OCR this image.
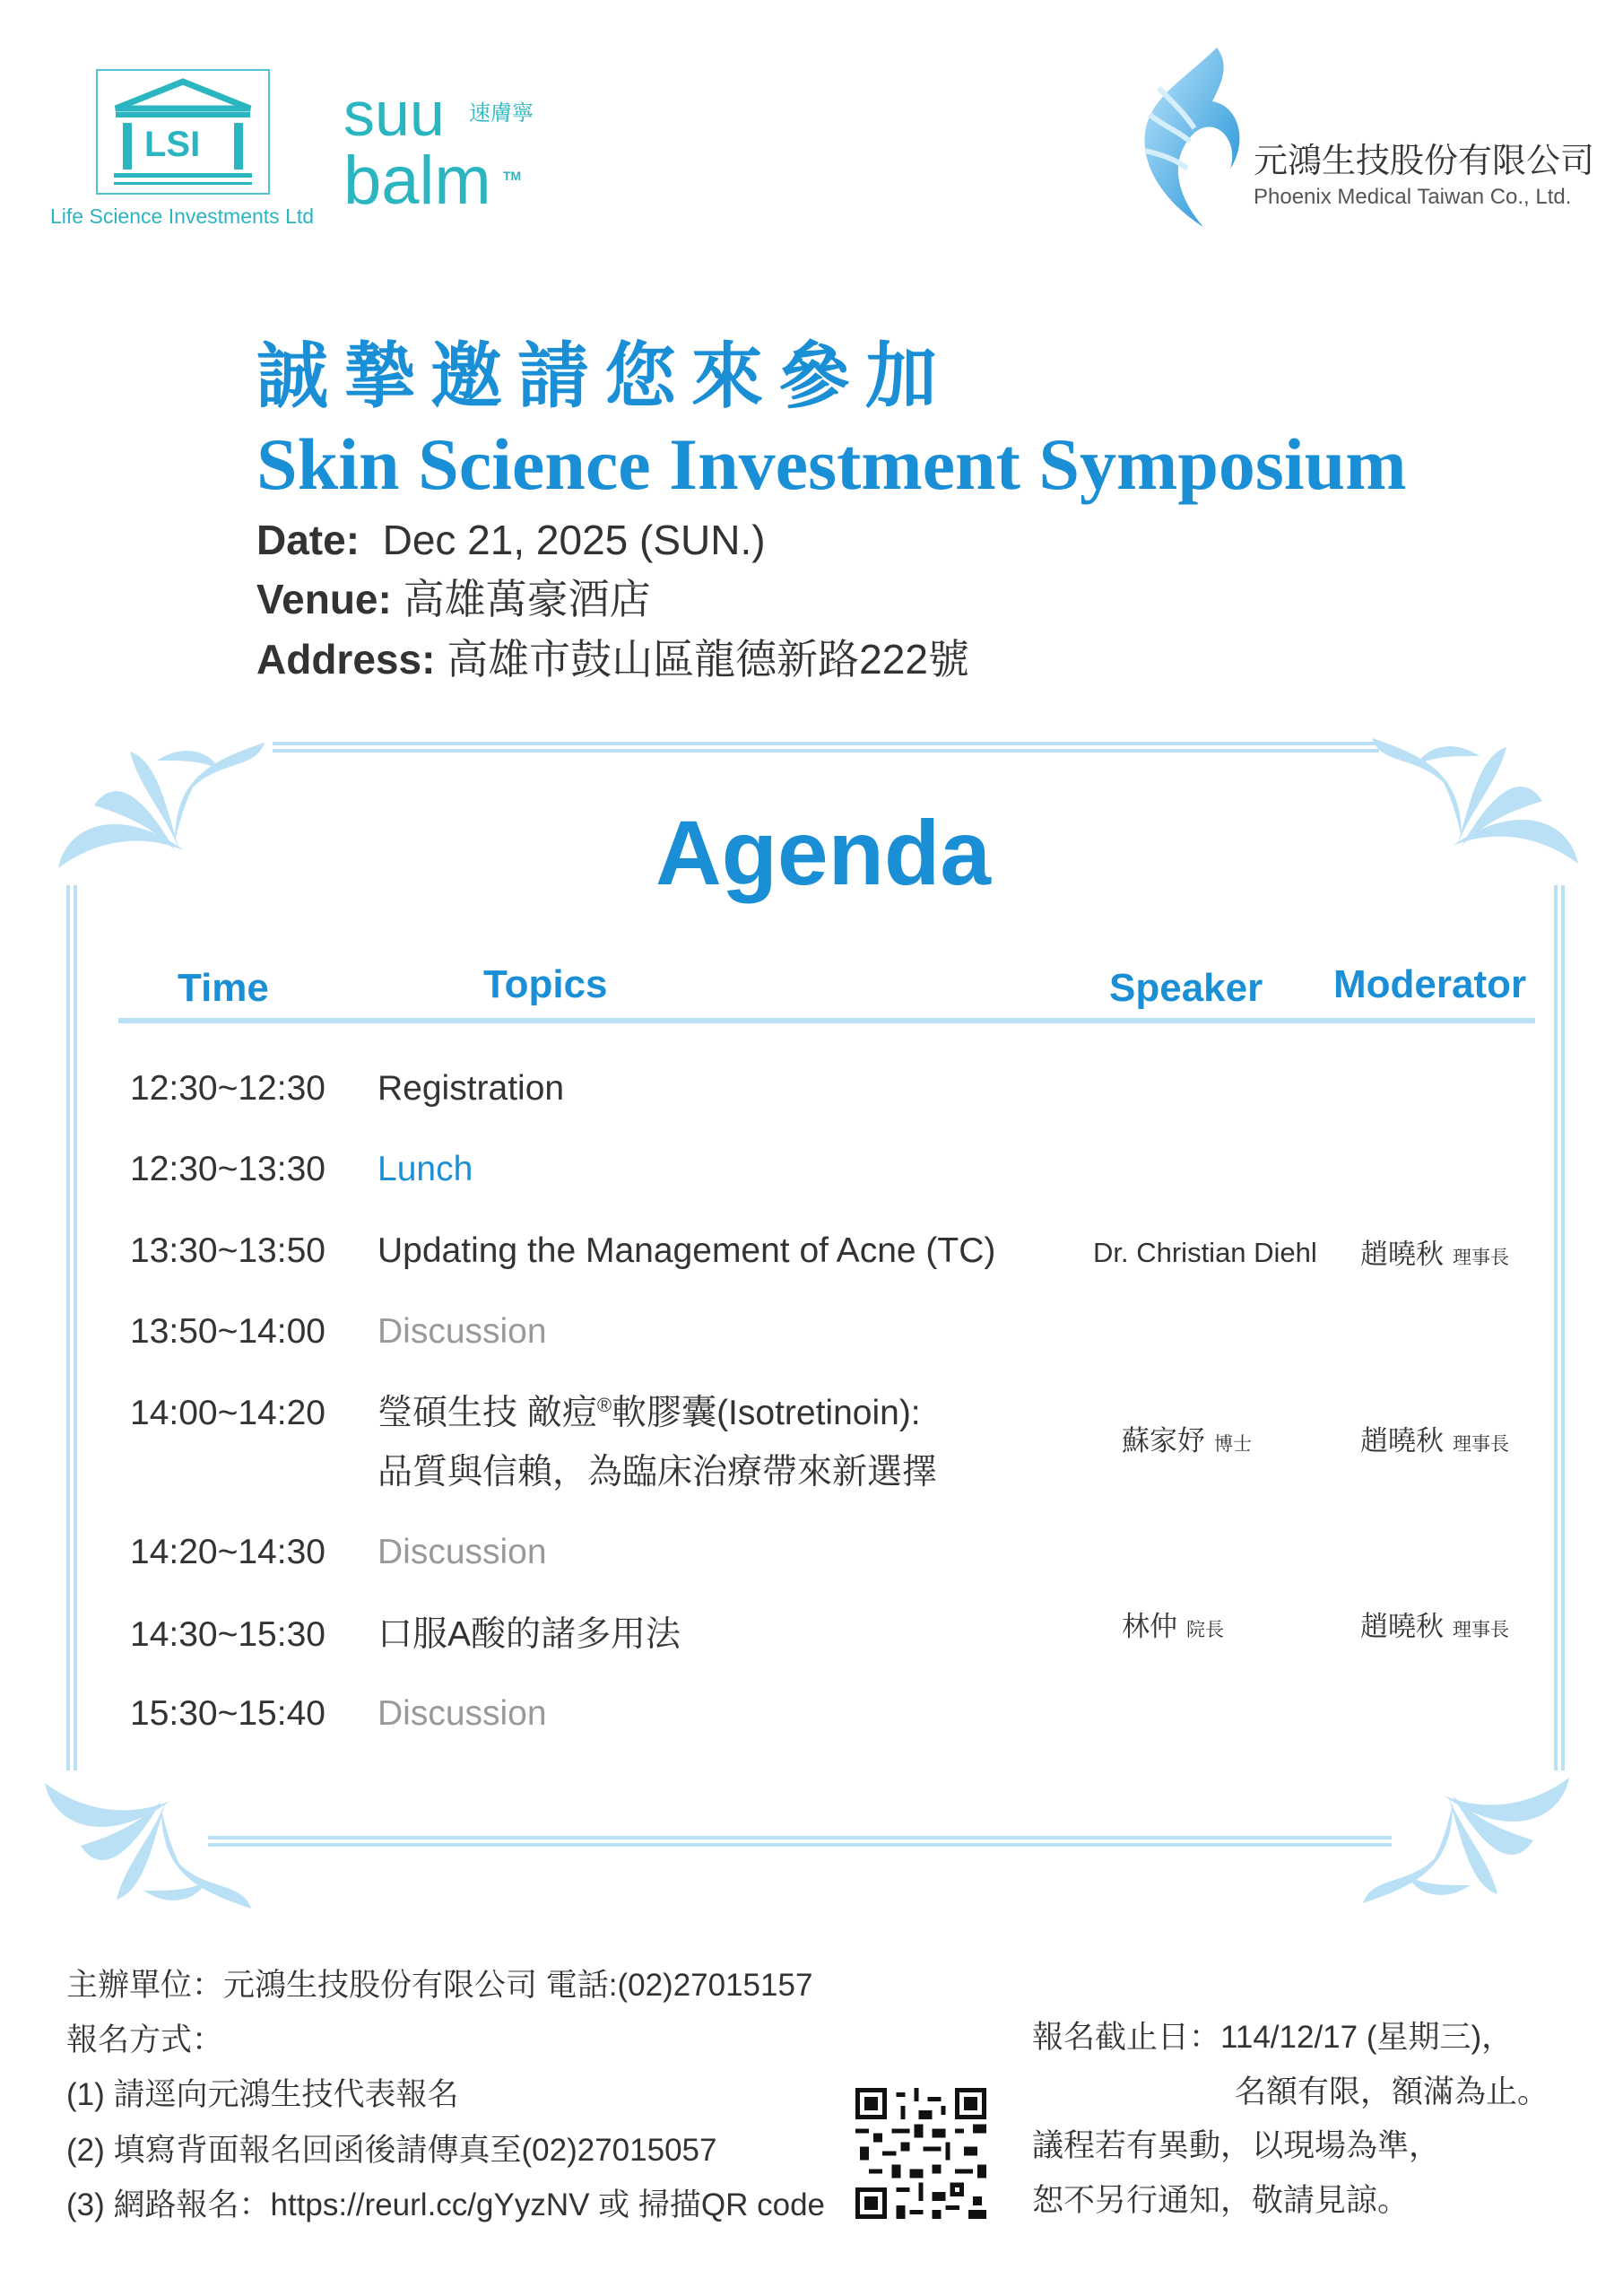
LSI
Life Science Investments Ltd
suu 速膚寧
balm TM	元鴻生技股份有限公司
Phoenix Medical Taiwan Co., Ltd.
誠摯邀請您來參加
Skin Science Investment Symposium
Date: Dec 21, 2025 (SUN.)
Venue: 高雄萬豪酒店
Address: 高雄市鼓山區龍德新路222號
Agenda
Time	Topics	Speaker Moderator
12:30~12:30 Registration
12:30~13:30 Lunch
13:30~13:50 Updating the Management of Acne (TC)	Dr. Christian Diehl 趙曉秋 理事長
13:50~14:00 Discussion
14:00~14:20 瑩碩生技 敵痘®軟膠囊(Isotretinoin):
品質與信賴，為臨床治療帶來新選擇
蘇家妤 博士	趙曉秋 理事長
14:20~14:30 Discussion
14:30~15:30 口服A酸的諸多用法	林仲 院長	趙曉秋 理事長
15:30~15:40 Discussion
主辦單位：元鴻生技股份有限公司 電話:(02)27015157
報名方式：
(1) 請逕向元鴻生技代表報名
(2) 填寫背面報名回函後請傳真至(02)27015057
(3) 網路報名：https://reurl.cc/gYyzNV 或 掃描QR code
報名截止日：114/12/17 (星期三)，
名額有限，額滿為止。
議程若有異動，以現場為準，
恕不另行通知，敬請見諒。
